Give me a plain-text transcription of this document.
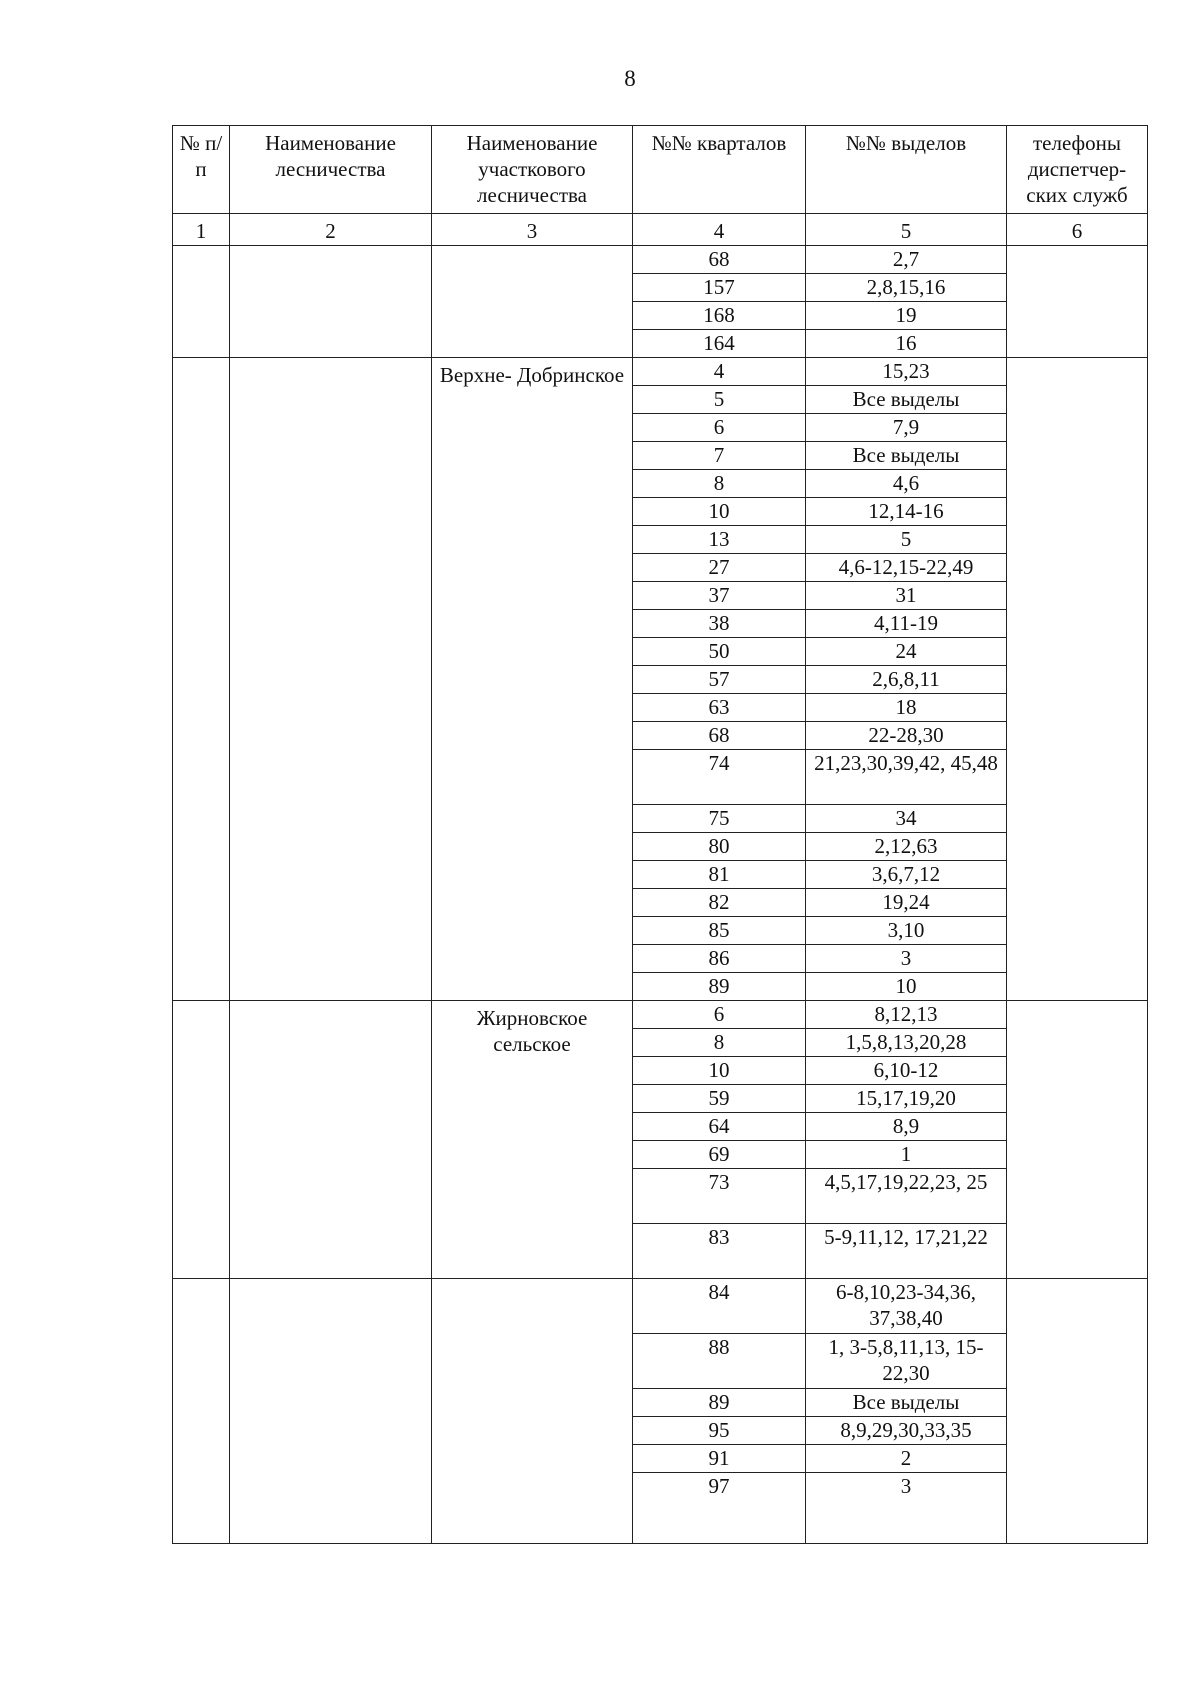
8
№ п/п	Наименование лесничества	Наименование участкового лесничества	№№ кварталов	№№ выделов	телефоны диспетчер- ских служб
1	2	3	4	5	6
			68	2,7	
			157	2,8,15,16	
			168	19	
			164	16	
		Верхне- Добринское	4	15,23	
			5	Все выделы	
			6	7,9	
			7	Все выделы	
			8	4,6	
			10	12,14-16	
			13	5	
			27	4,6-12,15-22,49	
			37	31	
			38	4,11-19	
			50	24	
			57	2,6,8,11	
			63	18	
			68	22-28,30	
			74	21,23,30,39,42, 45,48	
			75	34	
			80	2,12,63	
			81	3,6,7,12	
			82	19,24	
			85	3,10	
			86	3	
			89	10	
		Жирновское сельское	6	8,12,13	
			8	1,5,8,13,20,28	
			10	6,10-12	
			59	15,17,19,20	
			64	8,9	
			69	1	
			73	4,5,17,19,22,23, 25	
			83	5-9,11,12, 17,21,22	
			84	6-8,10,23-34,36, 37,38,40	
			88	1, 3-5,8,11,13, 15-22,30	
			89	Все выделы	
			95	8,9,29,30,33,35	
			91	2	
			97	3	
